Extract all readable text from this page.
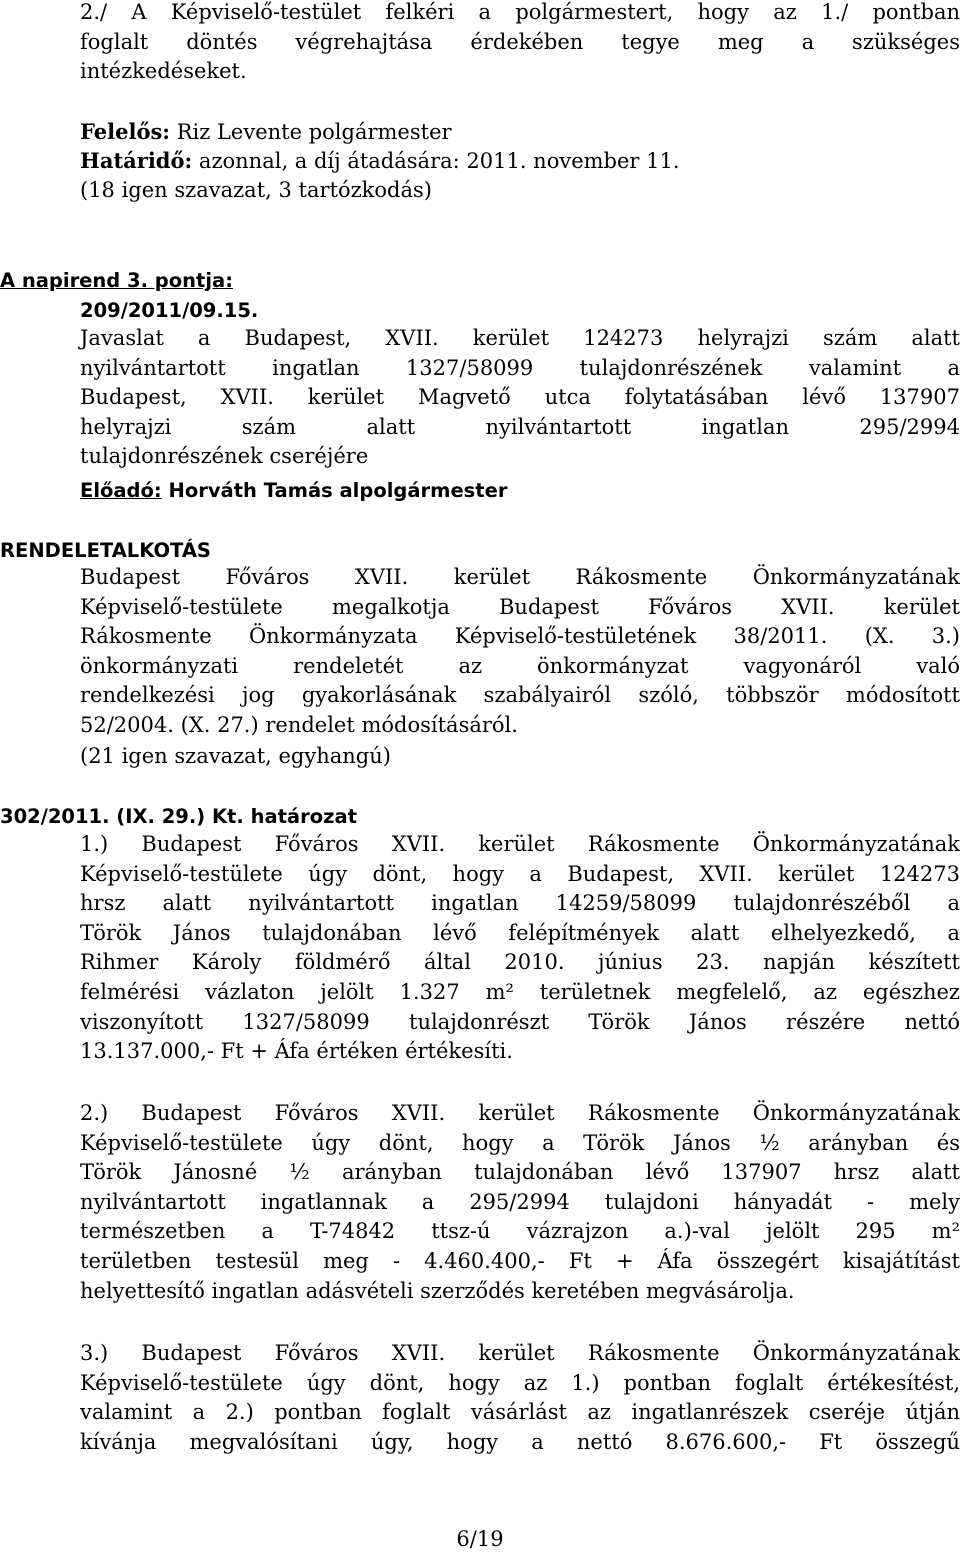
2./ A Képviselő-testület felkéri a polgármestert, hogy az 1./ pontban
foglalt döntés végrehajtása érdekében tegye meg a szükséges
intézkedéseket.
Felelős: Riz Levente polgármester
Határidő: azonnal, a díj átadására: 2011. november 11.
(18 igen szavazat, 3 tartózkodás)
A napirend 3. pontja:
209/2011/09.15.
Javaslat a Budapest, XVII. kerület 124273 helyrajzi szám alatt
nyilvántartott ingatlan 1327/58099 tulajdonrészének valamint a
Budapest, XVII. kerület Magvető utca folytatásában lévő 137907
helyrajzi szám alatt nyilvántartott ingatlan 295/2994
tulajdonrészének cseréjére
Előadó: Horváth Tamás alpolgármester
RENDELETALKOTÁS
Budapest Főváros XVII. kerület Rákosmente Önkormányzatának
Képviselő-testülete megalkotja Budapest Főváros XVII. kerület
Rákosmente Önkormányzata Képviselő-testületének 38/2011. (X. 3.)
önkormányzati rendeletét az önkormányzat vagyonáról való
rendelkezési jog gyakorlásának szabályairól szóló, többször módosított
52/2004. (X. 27.) rendelet módosításáról.
(21 igen szavazat, egyhangú)
302/2011. (IX. 29.) Kt. határozat
1.) Budapest Főváros XVII. kerület Rákosmente Önkormányzatának
Képviselő-testülete úgy dönt, hogy a Budapest, XVII. kerület 124273
hrsz alatt nyilvántartott ingatlan 14259/58099 tulajdonrészéből a
Török János tulajdonában lévő felépítmények alatt elhelyezkedő, a
Rihmer Károly földmérő által 2010. június 23. napján készített
felmérési vázlaton jelölt 1.327 m² területnek megfelelő, az egészhez
viszonyított 1327/58099 tulajdonrészt Török János részére nettó
13.137.000,- Ft + Áfa értéken értékesíti.
2.) Budapest Főváros XVII. kerület Rákosmente Önkormányzatának
Képviselő-testülete úgy dönt, hogy a Török János ½ arányban és
Török Jánosné ½ arányban tulajdonában lévő 137907 hrsz alatt
nyilvántartott ingatlannak a 295/2994 tulajdoni hányadát - mely
természetben a T-74842 ttsz-ú vázrajzon a.)-val jelölt 295 m²
területben testesül meg - 4.460.400,- Ft + Áfa összegért kisajátítást
helyettesítő ingatlan adásvételi szerződés keretében megvásárolja.
3.) Budapest Főváros XVII. kerület Rákosmente Önkormányzatának
Képviselő-testülete úgy dönt, hogy az 1.) pontban foglalt értékesítést,
valamint a 2.) pontban foglalt vásárlást az ingatlanrészek cseréje útján
kívánja megvalósítani úgy, hogy a nettó 8.676.600,- Ft összegű
6/19
